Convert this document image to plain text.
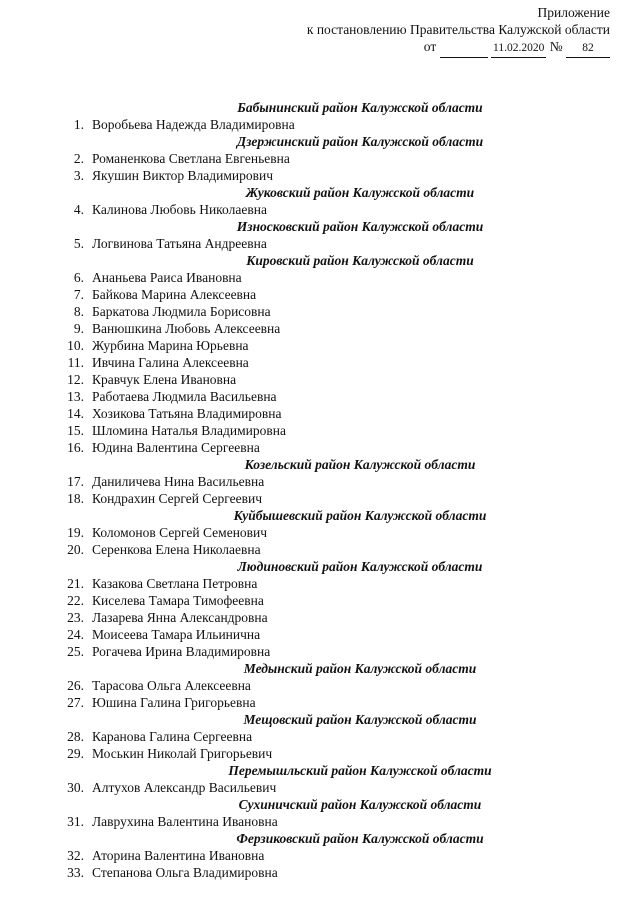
Приложение
к постановлению Правительства Калужской области
от	11.02.2020 № 82
Бабынинский район Калужской области
1. Воробьева Надежда Владимировна
Дзержинский район Калужской области
2. Романенкова Светлана Евгеньевна
3. Якушин Виктор Владимирович
Жуковский район Калужской области
4. Калинова Любовь Николаевна
Износковский район Калужской области
5. Логвинова Татьяна Андреевна
Кировский район Калужской области
6. Ананьева Раиса Ивановна
7. Байкова Марина Алексеевна
8. Баркатова Людмила Борисовна
9. Ванюшкина Любовь Алексеевна
10. Журбина Марина Юрьевна
11. Ивчина Галина Алексеевна
12. Кравчук Елена Ивановна
13. Работаева Людмила Васильевна
14. Хозикова Татьяна Владимировна
15. Шломина Наталья Владимировна
16. Юдина Валентина Сергеевна
Козельский район Калужской области
17. Даниличева Нина Васильевна
18. Кондрахин Сергей Сергеевич
Куйбышевский район Калужской области
19. Коломонов Сергей Семенович
20. Серенкова Елена Николаевна
Людиновский район Калужской области
21. Казакова Светлана Петровна
22. Киселева Тамара Тимофеевна
23. Лазарева Янна Александровна
24. Моисеева Тамара Ильинична
25. Рогачева Ирина Владимировна
Медынский район Калужской области
26. Тарасова Ольга Алексеевна
27. Юшина Галина Григорьевна
Мещовский район Калужской области
28. Каранова Галина Сергеевна
29. Моськин Николай Григорьевич
Перемышльский район Калужской области
30. Алтухов Александр Васильевич
Сухиничский район Калужской области
31. Лаврухина Валентина Ивановна
Ферзиковский район Калужской области
32. Аторина Валентина Ивановна
33. Степанова Ольга Владимировна
